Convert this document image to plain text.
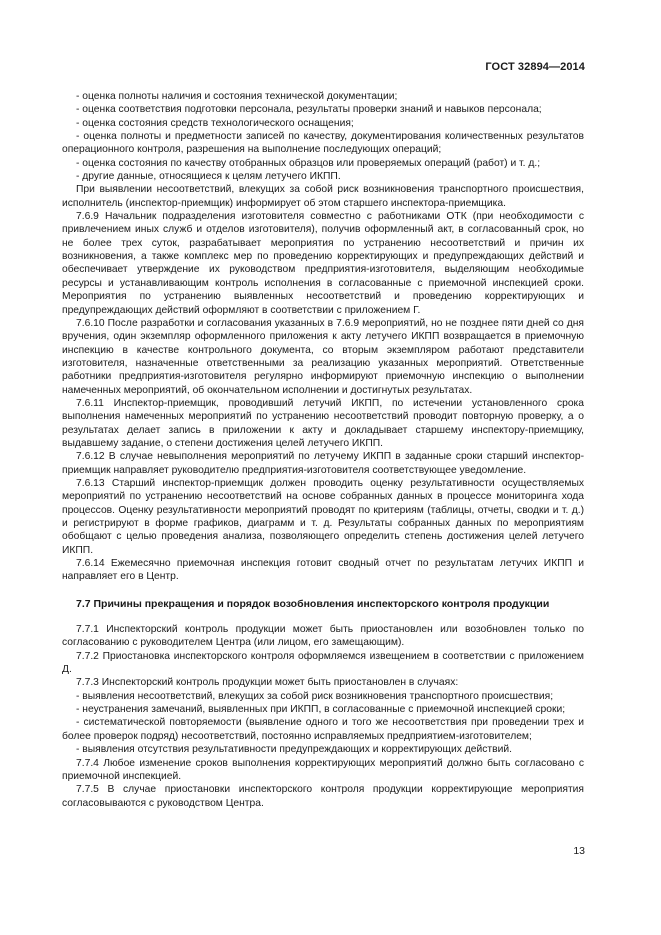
ГОСТ 32894—2014

- оценка полноты наличия и состояния технической документации;

- оценка соответствия подготовки персонала, результаты проверки знаний и навыков персонала;

- оценка состояния средств технологического оснащения;

- оценка полноты и предметности записей по качеству, документирования количественных результатов операционного контроля, разрешения на выполнение последующих операций;

- оценка состояния по качеству отобранных образцов или проверяемых операций (работ) и т. д.;

- другие данные, относящиеся к целям летучего ИКПП.

При выявлении несоответствий, влекущих за собой риск возникновения транспортного происшествия, исполнитель (инспектор-приемщик) информирует об этом старшего инспектора-приемщика.

7.6.9 Начальник подразделения изготовителя совместно с работниками ОТК (при необходимости с привлечением иных служб и отделов изготовителя), получив оформленный акт, в согласованный срок, но не более трех суток, разрабатывает мероприятия по устранению несоответствий и причин их возникновения, а также комплекс мер по проведению корректирующих и предупреждающих действий и обеспечивает утверждение их руководством предприятия-изготовителя, выделяющим необходимые ресурсы и устанавливающим контроль исполнения в согласованные с приемочной инспекцией сроки. Мероприятия по устранению выявленных несоответствий и проведению корректирующих и предупреждающих действий оформляют в соответствии с приложением Г.

7.6.10 После разработки и согласования указанных в 7.6.9 мероприятий, но не позднее пяти дней со дня вручения, один экземпляр оформленного приложения к акту летучего ИКПП возвращается в приемочную инспекцию в качестве контрольного документа, со вторым экземпляром работают представители изготовителя, назначенные ответственными за реализацию указанных мероприятий. Ответственные работники предприятия-изготовителя регулярно информируют приемочную инспекцию о выполнении намеченных мероприятий, об окончательном исполнении и достигнутых результатах.

7.6.11 Инспектор-приемщик, проводивший летучий ИКПП, по истечении установленного срока выполнения намеченных мероприятий по устранению несоответствий проводит повторную проверку, а о результатах делает запись в приложении к акту и докладывает старшему инспектору-приемщику, выдавшему задание, о степени достижения целей летучего ИКПП.

7.6.12 В случае невыполнения мероприятий по летучему ИКПП в заданные сроки старший инспектор-приемщик направляет руководителю предприятия-изготовителя соответствующее уведомление.

7.6.13 Старший инспектор-приемщик должен проводить оценку результативности осуществляемых мероприятий по устранению несоответствий на основе собранных данных в процессе мониторинга хода процессов. Оценку результативности мероприятий проводят по критериям (таблицы, отчеты, сводки и т. д.) и регистрируют в форме графиков, диаграмм и т. д. Результаты собранных данных по мероприятиям обобщают с целью проведения анализа, позволяющего определить степень достижения целей летучего ИКПП.

7.6.14 Ежемесячно приемочная инспекция готовит сводный отчет по результатам летучих ИКПП и направляет его в Центр.

7.7 Причины прекращения и порядок возобновления инспекторского контроля продукции

7.7.1 Инспекторский контроль продукции может быть приостановлен или возобновлен только по согласованию с руководителем Центра (или лицом, его замещающим).

7.7.2 Приостановка инспекторского контроля оформляемся извещением в соответствии с приложением Д.

7.7.3 Инспекторский контроль продукции может быть приостановлен в случаях:

- выявления несоответствий, влекущих за собой риск возникновения транспортного происшествия;

- неустранения замечаний, выявленных при ИКПП, в согласованные с приемочной инспекцией сроки;

- систематической повторяемости (выявление одного и того же несоответствия при проведении трех и более проверок подряд) несоответствий, постоянно исправляемых предприятием-изготовителем;

- выявления отсутствия результативности предупреждающих и корректирующих действий.

7.7.4 Любое изменение сроков выполнения корректирующих мероприятий должно быть согласовано с приемочной инспекцией.

7.7.5 В случае приостановки инспекторского контроля продукции корректирующие мероприятия согласовываются с руководством Центра.

13
